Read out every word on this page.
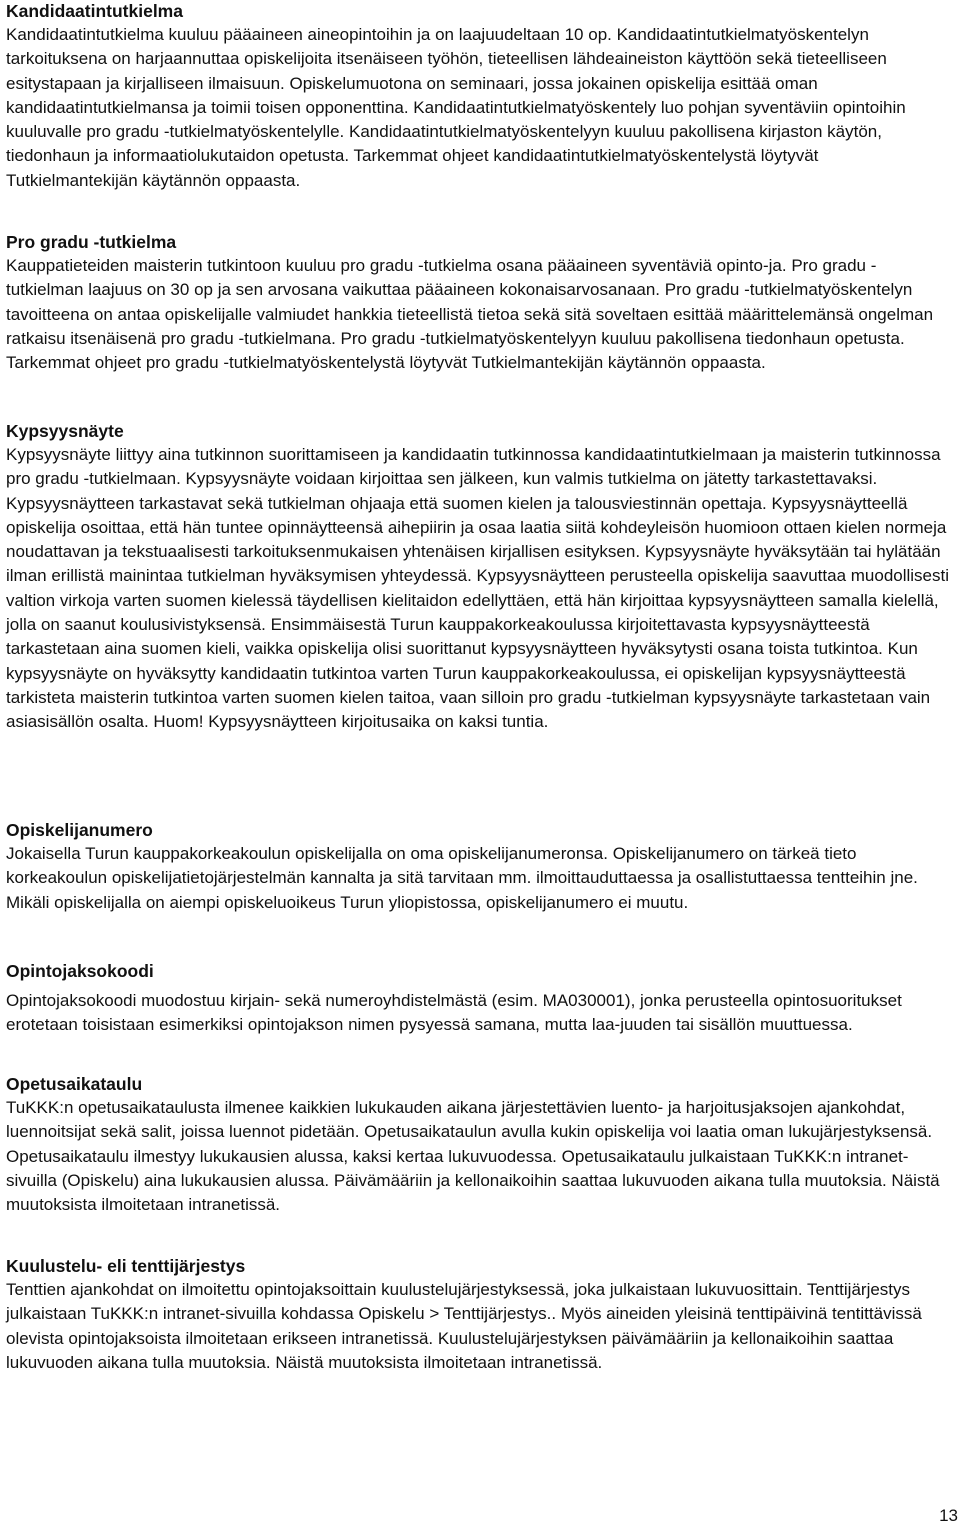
Kandidaatintutkielma

Kandidaatintutkielma kuuluu pääaineen aineopintoihin ja on laajuudeltaan 10 op. Kandidaatintutkielmatyöskentelyn tarkoituksena on harjaannuttaa opiskelijoita itsenäiseen työhön, tieteellisen lähdeaineiston käyttöön sekä tieteelliseen esitystapaan ja kirjalliseen ilmaisuun. Opiskelumuotona on seminaari, jossa jokainen opiskelija esittää oman kandidaatintutkielmansa ja toimii toisen opponenttina. Kandidaatintutkielmatyöskentely luo pohjan syventäviin opintoihin kuuluvalle pro gradu -tutkielmatyöskentelylle. Kandidaatintutkielmatyöskentelyyn kuuluu pakollisena kirjaston käytön, tiedonhaun ja informaatiolukutaidon opetusta. Tarkemmat ohjeet kandidaatintutkielmatyöskentelystä löytyvät Tutkielmantekijän käytännön oppaasta.

Pro gradu -tutkielma

Kauppatieteiden maisterin tutkintoon kuuluu pro gradu -tutkielma osana pääaineen syventäviä opinto-ja. Pro gradu -tutkielman laajuus on 30 op ja sen arvosana vaikuttaa pääaineen kokonaisarvosanaan. Pro gradu -tutkielmatyöskentelyn tavoitteena on antaa opiskelijalle valmiudet hankkia tieteellistä tietoa sekä sitä soveltaen esittää määrittelemänsä ongelman ratkaisu itsenäisenä pro gradu -tutkielmana. Pro gradu -tutkielmatyöskentelyyn kuuluu pakollisena tiedonhaun opetusta. Tarkemmat ohjeet pro gradu -tutkielmatyöskentelystä löytyvät Tutkielmantekijän käytännön oppaasta.

Kypsyysnäyte

Kypsyysnäyte liittyy aina tutkinnon suorittamiseen ja kandidaatin tutkinnossa kandidaatintutkielmaan ja maisterin tutkinnossa pro gradu -tutkielmaan. Kypsyysnäyte voidaan kirjoittaa sen jälkeen, kun valmis tutkielma on jätetty tarkastettavaksi. Kypsyysnäytteen tarkastavat sekä tutkielman ohjaaja että suomen kielen ja talousviestinnän opettaja. Kypsyysnäytteellä opiskelija osoittaa, että hän tuntee opinnäytteensä aihepiirin ja osaa laatia siitä kohdeyleisön huomioon ottaen kielen normeja noudattavan ja tekstuaalisesti tarkoituksenmukaisen yhtenäisen kirjallisen esityksen. Kypsyysnäyte hyväksytään tai hylätään ilman erillistä mainintaa tutkielman hyväksymisen yhteydessä. Kypsyysnäytteen perusteella opiskelija saavuttaa muodollisesti valtion virkoja varten suomen kielessä täydellisen kielitaidon edellyttäen, että hän kirjoittaa kypsyysnäytteen samalla kielellä, jolla on saanut koulusivistyksensä. Ensimmäisestä Turun kauppakorkeakoulussa kirjoitettavasta kypsyysnäytteestä tarkastetaan aina suomen kieli, vaikka opiskelija olisi suorittanut kypsyysnäytteen hyväksytysti osana toista tutkintoa. Kun kypsyysnäyte on hyväksytty kandidaatin tutkintoa varten Turun kauppakorkeakoulussa, ei opiskelijan kypsyysnäytteestä tarkisteta maisterin tutkintoa varten suomen kielen taitoa, vaan silloin pro gradu -tutkielman kypsyysnäyte tarkastetaan vain asiasisällön osalta. Huom! Kypsyysnäytteen kirjoitusaika on kaksi tuntia.

Opiskelijanumero

Jokaisella Turun kauppakorkeakoulun opiskelijalla on oma opiskelijanumeronsa. Opiskelijanumero on tärkeä tieto korkeakoulun opiskelijatietojärjestelmän kannalta ja sitä tarvitaan mm. ilmoittauduttaessa ja osallistuttaessa tentteihin jne. Mikäli opiskelijalla on aiempi opiskeluoikeus Turun yliopistossa, opiskelijanumero ei muutu.

Opintojaksokoodi

Opintojaksokoodi muodostuu kirjain- sekä numeroyhdistelmästä (esim. MA030001), jonka perusteella opintosuoritukset erotetaan toisistaan esimerkiksi opintojakson nimen pysyessä samana, mutta laa-juuden tai sisällön muuttuessa.

Opetusaikataulu

TuKKK:n opetusaikataulusta ilmenee kaikkien lukukauden aikana järjestettävien luento- ja harjoitusjaksojen ajankohdat, luennoitsijat sekä salit, joissa luennot pidetään. Opetusaikataulun avulla kukin opiskelija voi laatia oman lukujärjestyksensä. Opetusaikataulu ilmestyy lukukausien alussa, kaksi kertaa lukuvuodessa. Opetusaikataulu julkaistaan TuKKK:n intranet-sivuilla (Opiskelu) aina lukukausien alussa. Päivämääriin ja kellonaikoihin saattaa lukuvuoden aikana tulla muutoksia. Näistä muutoksista ilmoitetaan intranetissä.

Kuulustelu- eli tenttijärjestys

Tenttien ajankohdat on ilmoitettu opintojaksoittain kuulustelujärjestyksessä, joka julkaistaan lukuvuosittain. Tenttijärjestys julkaistaan TuKKK:n intranet-sivuilla kohdassa Opiskelu > Tenttijärjestys.. Myös aineiden yleisinä tenttipäivinä tentittävissä olevista opintojaksoista ilmoitetaan erikseen intranetissä. Kuulustelujärjestyksen päivämääriin ja kellonaikoihin saattaa lukuvuoden aikana tulla muutoksia. Näistä muutoksista ilmoitetaan intranetissä.

13
